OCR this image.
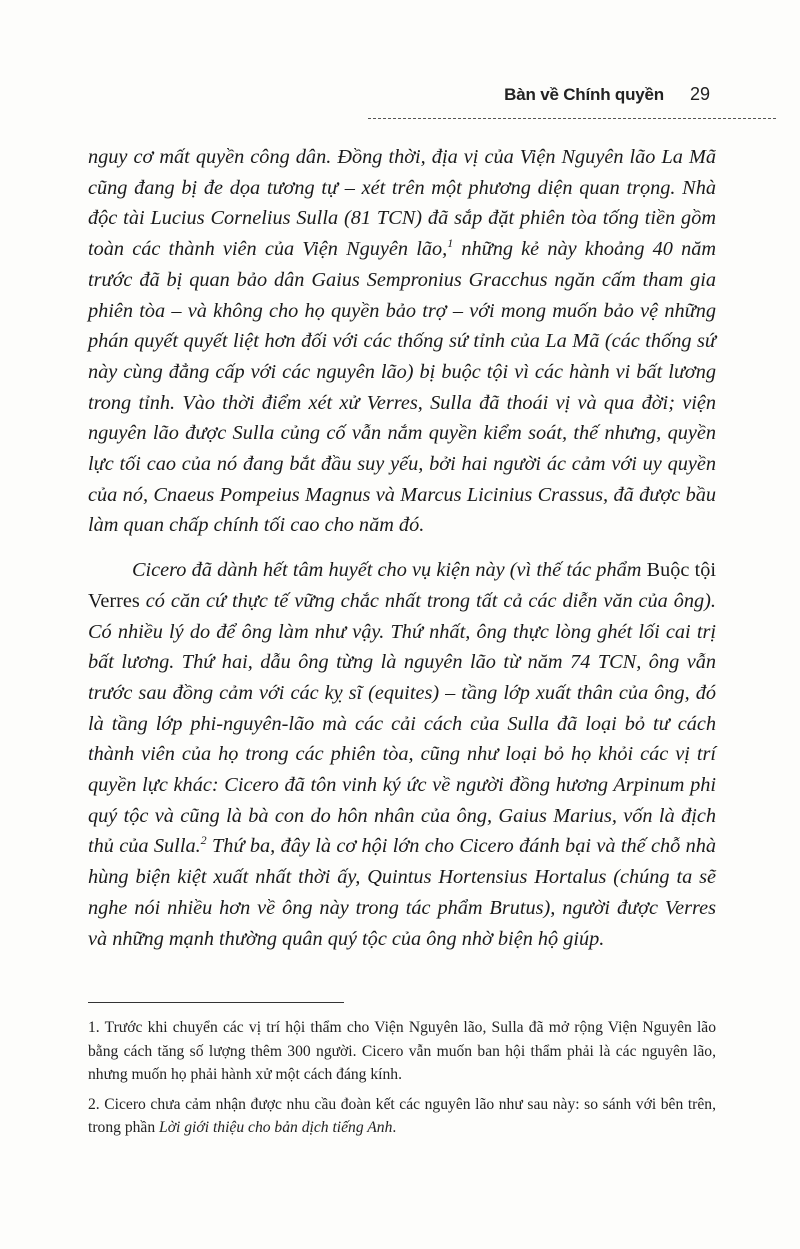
Bàn về Chính quyền 29

nguy cơ mất quyền công dân. Đồng thời, địa vị của Viện Nguyên lão La Mã cũng đang bị đe dọa tương tự – xét trên một phương diện quan trọng. Nhà độc tài Lucius Cornelius Sulla (81 TCN) đã sắp đặt phiên tòa tống tiền gồm toàn các thành viên của Viện Nguyên lão,$^1$ những kẻ này khoảng 40 năm trước đã bị quan bảo dân Gaius Sempronius Gracchus ngăn cấm tham gia phiên tòa – và không cho họ quyền bảo trợ – với mong muốn bảo vệ những phán quyết quyết liệt hơn đối với các thống sứ tỉnh của La Mã (các thống sứ này cùng đẳng cấp với các nguyên lão) bị buộc tội vì các hành vi bất lương trong tỉnh. Vào thời điểm xét xử Verres, Sulla đã thoái vị và qua đời; viện nguyên lão được Sulla củng cố vẫn nắm quyền kiểm soát, thế nhưng, quyền lực tối cao của nó đang bắt đầu suy yếu, bởi hai người ác cảm với uy quyền của nó, Cnaeus Pompeius Magnus và Marcus Licinius Crassus, đã được bầu làm quan chấp chính tối cao cho năm đó.

Cicero đã dành hết tâm huyết cho vụ kiện này (vì thế tác phẩm Buộc tội Verres có căn cứ thực tế vững chắc nhất trong tất cả các diễn văn của ông). Có nhiều lý do để ông làm như vậy. Thứ nhất, ông thực lòng ghét lối cai trị bất lương. Thứ hai, dẫu ông từng là nguyên lão từ năm 74 TCN, ông vẫn trước sau đồng cảm với các kỵ sĩ (equites) – tầng lớp xuất thân của ông, đó là tầng lớp phi-nguyên-lão mà các cải cách của Sulla đã loại bỏ tư cách thành viên của họ trong các phiên tòa, cũng như loại bỏ họ khỏi các vị trí quyền lực khác: Cicero đã tôn vinh ký ức về người đồng hương Arpinum phi quý tộc và cũng là bà con do hôn nhân của ông, Gaius Marius, vốn là địch thủ của Sulla.$^2$ Thứ ba, đây là cơ hội lớn cho Cicero đánh bại và thế chỗ nhà hùng biện kiệt xuất nhất thời ấy, Quintus Hortensius Hortalus (chúng ta sẽ nghe nói nhiều hơn về ông này trong tác phẩm Brutus), người được Verres và những mạnh thường quân quý tộc của ông nhờ biện hộ giúp.

1. Trước khi chuyển các vị trí hội thẩm cho Viện Nguyên lão, Sulla đã mở rộng Viện Nguyên lão bằng cách tăng số lượng thêm 300 người. Cicero vẫn muốn ban hội thẩm phải là các nguyên lão, nhưng muốn họ phải hành xử một cách đáng kính.

2. Cicero chưa cảm nhận được nhu cầu đoàn kết các nguyên lão như sau này: so sánh với bên trên, trong phần Lời giới thiệu cho bản dịch tiếng Anh.
